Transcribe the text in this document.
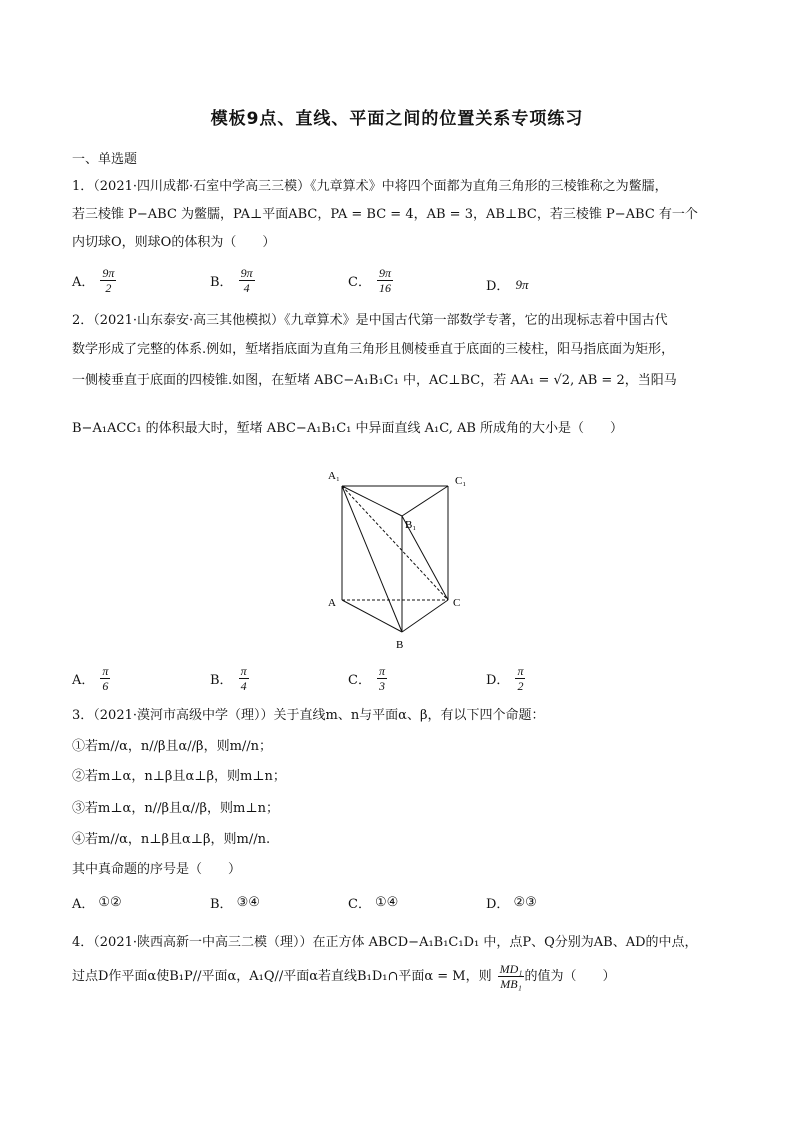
模板9点、直线、平面之间的位置关系专项练习
一、单选题
1．（2021·四川成都·石室中学高三三模）《九章算术》中将四个面都为直角三角形的三棱锥称之为鳖臑，
若三棱锥 P−ABC 为鳖臑，PA⊥平面ABC，PA = BC = 4，AB = 3，AB⊥BC，若三棱锥 P−ABC 有一个
内切球O，则球O的体积为（　　）
A． $\frac{9\pi}{2}$	B． $\frac{9\pi}{4}$	C． $\frac{9\pi}{16}$	D． 9π
2．（2021·山东泰安·高三其他模拟）《九章算术》是中国古代第一部数学专著，它的出现标志着中国古代
数学形成了完整的体系.例如，堑堵指底面为直角三角形且侧棱垂直于底面的三棱柱，阳马指底面为矩形，
一侧棱垂直于底面的四棱锥.如图，在堑堵 ABC−A₁B₁C₁ 中，AC⊥BC，若 AA₁ = √2, AB = 2，当阳马
B−A₁ACC₁ 的体积最大时，堑堵 ABC−A₁B₁C₁ 中异面直线 A₁C, AB 所成角的大小是（　　）
A₁	C₁
B₁
A	C
B
A． $\frac{\pi}{6}$	B． $\frac{\pi}{4}$	C． $\frac{\pi}{3}$	D． $\frac{\pi}{2}$
3．（2021·漠河市高级中学（理））关于直线m、n与平面α、β，有以下四个命题：
①若m//α，n//β且α//β，则m//n；
②若m⊥α，n⊥β且α⊥β，则m⊥n；
③若m⊥α，n//β且α//β，则m⊥n；
④若m//α，n⊥β且α⊥β，则m//n.
其中真命题的序号是（　　）
A． ①②	B． ③④	C． ①④	D． ②③
4．（2021·陕西高新一中高三二模（理））在正方体 ABCD−A₁B₁C₁D₁ 中，点P、Q分别为AB、AD的中点，
过点D作平面α使B₁P//平面α，A₁Q//平面α若直线B₁D₁∩平面α = M，则 $\frac{\text{MD₁}}{\text{MB₁}}$ 的值为（　　）
